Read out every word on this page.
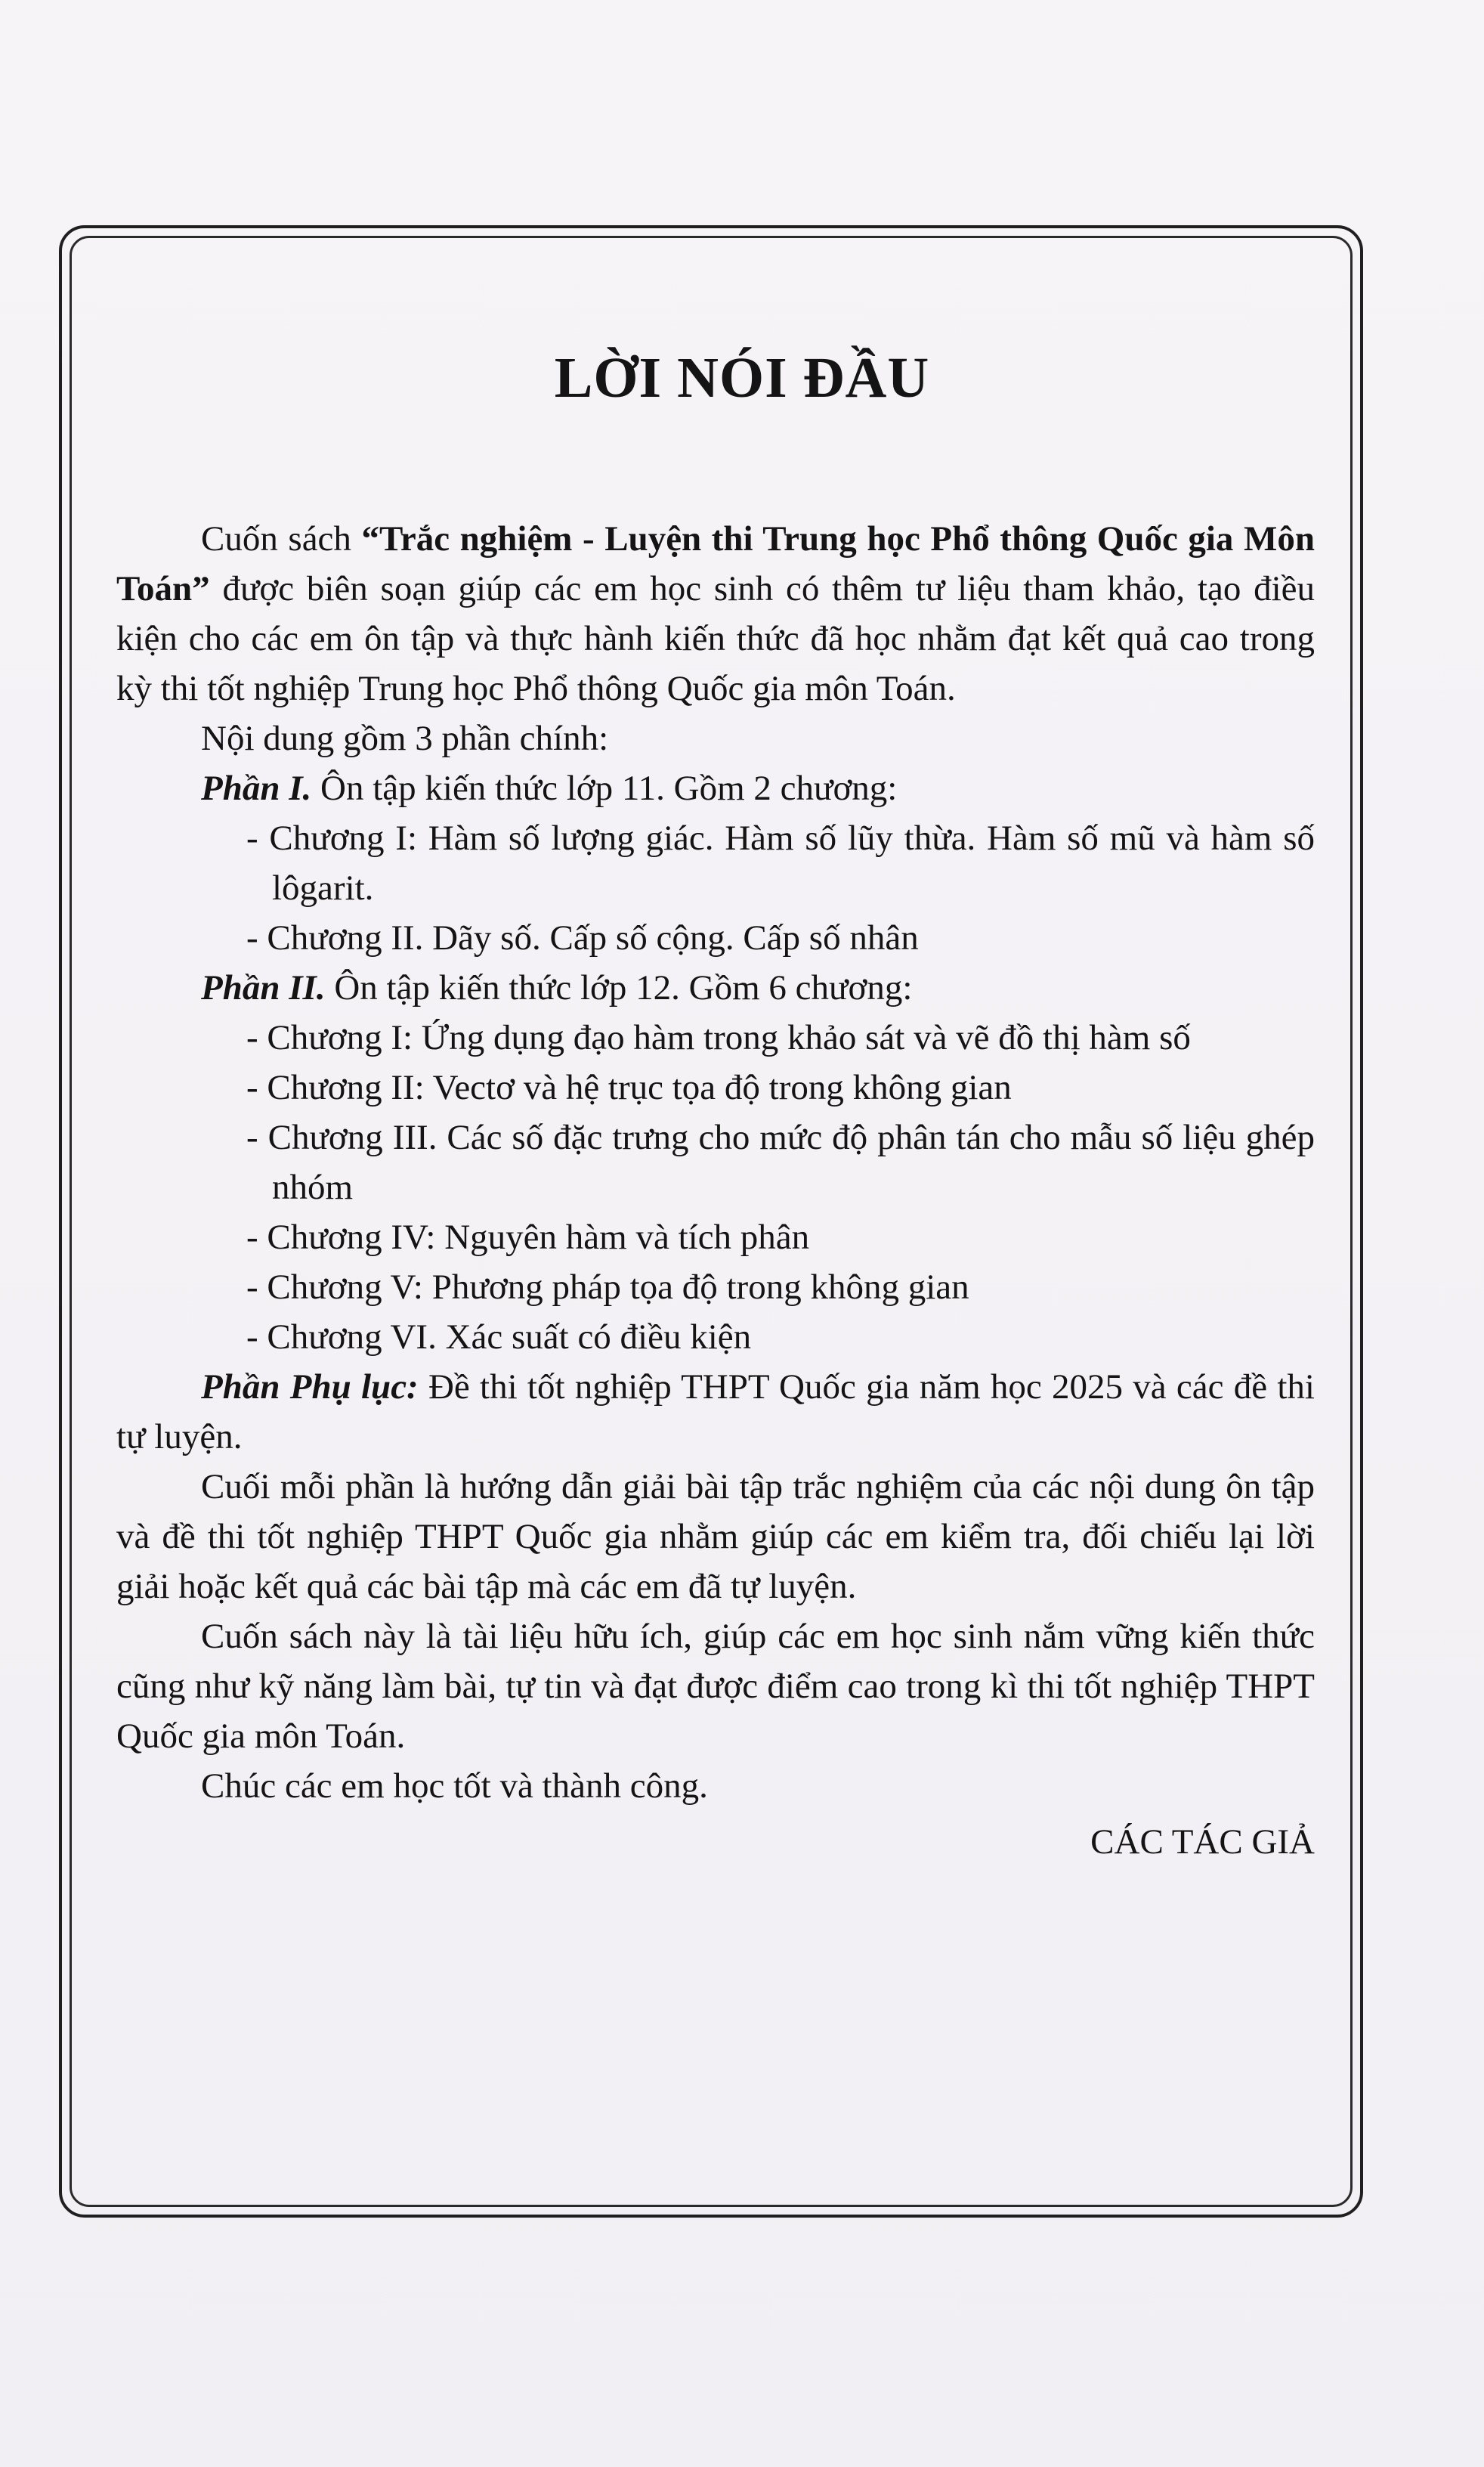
LỜI NÓI ĐẦU

Cuốn sách “Trắc nghiệm - Luyện thi Trung học Phổ thông Quốc gia Môn Toán” được biên soạn giúp các em học sinh có thêm tư liệu tham khảo, tạo điều kiện cho các em ôn tập và thực hành kiến thức đã học nhằm đạt kết quả cao trong kỳ thi tốt nghiệp Trung học Phổ thông Quốc gia môn Toán.

Nội dung gồm 3 phần chính:

Phần I. Ôn tập kiến thức lớp 11. Gồm 2 chương:

- Chương I: Hàm số lượng giác. Hàm số lũy thừa. Hàm số mũ và hàm số lôgarit.

- Chương II. Dãy số. Cấp số cộng. Cấp số nhân

Phần II. Ôn tập kiến thức lớp 12. Gồm 6 chương:

- Chương I: Ứng dụng đạo hàm trong khảo sát và vẽ đồ thị hàm số

- Chương II: Vectơ và hệ trục tọa độ trong không gian

- Chương III. Các số đặc trưng cho mức độ phân tán cho mẫu số liệu ghép nhóm

- Chương IV: Nguyên hàm và tích phân

- Chương V: Phương pháp tọa độ trong không gian

- Chương VI. Xác suất có điều kiện

Phần Phụ lục: Đề thi tốt nghiệp THPT Quốc gia năm học 2025 và các đề thi tự luyện.

Cuối mỗi phần là hướng dẫn giải bài tập trắc nghiệm của các nội dung ôn tập và đề thi tốt nghiệp THPT Quốc gia nhằm giúp các em kiểm tra, đối chiếu lại lời giải hoặc kết quả các bài tập mà các em đã tự luyện.

Cuốn sách này là tài liệu hữu ích, giúp các em học sinh nắm vững kiến thức cũng như kỹ năng làm bài, tự tin và đạt được điểm cao trong kì thi tốt nghiệp THPT Quốc gia môn Toán.

Chúc các em học tốt và thành công.

CÁC TÁC GIẢ
